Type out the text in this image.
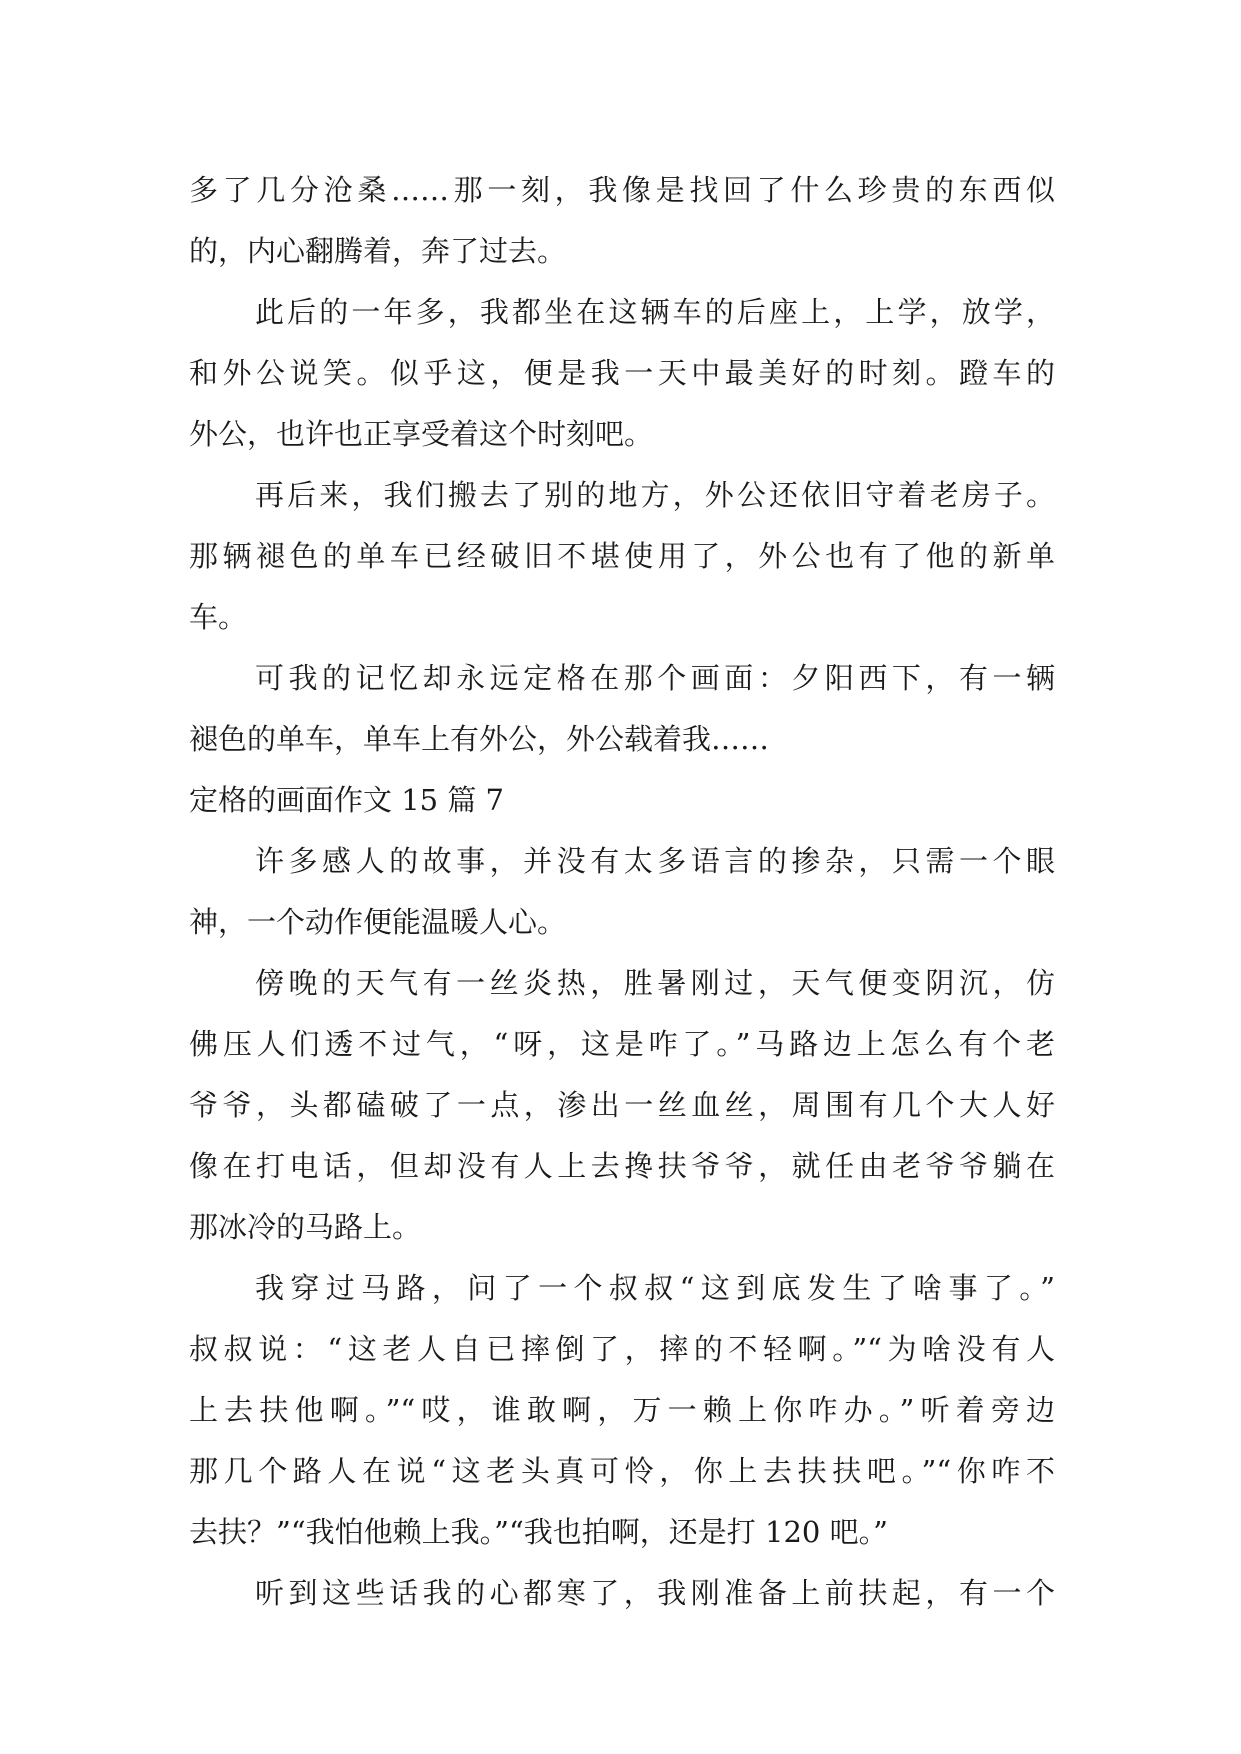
多了几分沧桑……那一刻，我像是找回了什么珍贵的东西似
的，内心翻腾着，奔了过去。
此后的一年多，我都坐在这辆车的后座上，上学，放学，
和外公说笑。似乎这，便是我一天中最美好的时刻。蹬车的
外公，也许也正享受着这个时刻吧。
再后来，我们搬去了别的地方，外公还依旧守着老房子。
那辆褪色的单车已经破旧不堪使用了，外公也有了他的新单
车。
可我的记忆却永远定格在那个画面：夕阳西下，有一辆
褪色的单车，单车上有外公，外公载着我……
定格的画面作文 15 篇 7
许多感人的故事，并没有太多语言的掺杂，只需一个眼
神，一个动作便能温暖人心。
傍晚的天气有一丝炎热，胜暑刚过，天气便变阴沉，仿
佛压人们透不过气，“呀，这是咋了。”马路边上怎么有个老
爷爷，头都磕破了一点，渗出一丝血丝，周围有几个大人好
像在打电话，但却没有人上去搀扶爷爷，就任由老爷爷躺在
那冰冷的马路上。
我穿过马路，问了一个叔叔“这到底发生了啥事了。”
叔叔说：“这老人自已摔倒了，摔的不轻啊。”“为啥没有人
上去扶他啊。”“哎，谁敢啊，万一赖上你咋办。”听着旁边
那几个路人在说“这老头真可怜，你上去扶扶吧。”“你咋不
去扶？”“我怕他赖上我。”“我也拍啊，还是打 120 吧。”
听到这些话我的心都寒了，我刚准备上前扶起，有一个
